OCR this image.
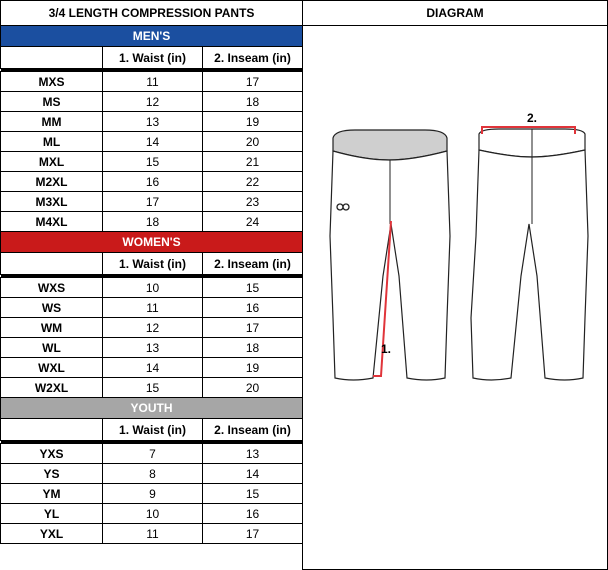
3/4 LENGTH COMPRESSION PANTS		
MEN'S		
	1. Waist (in)	2. Inseam (in)

MXS	11	17
MS	12	18
MM	13	19
ML	14	20
MXL	15	21
M2XL	16	22
M3XL	17	23
M4XL	18	24
WOMEN'S		
	1. Waist (in)	2. Inseam (in)

WXS	10	15
WS	11	16
WM	12	17
WL	13	18
WXL	14	19
W2XL	15	20
YOUTH		
	1. Waist (in)	2. Inseam (in)

YXS	7	13
YS	8	14
YM	9	15
YL	10	16
YXL	11	17
DIAGRAM
1.
2.
